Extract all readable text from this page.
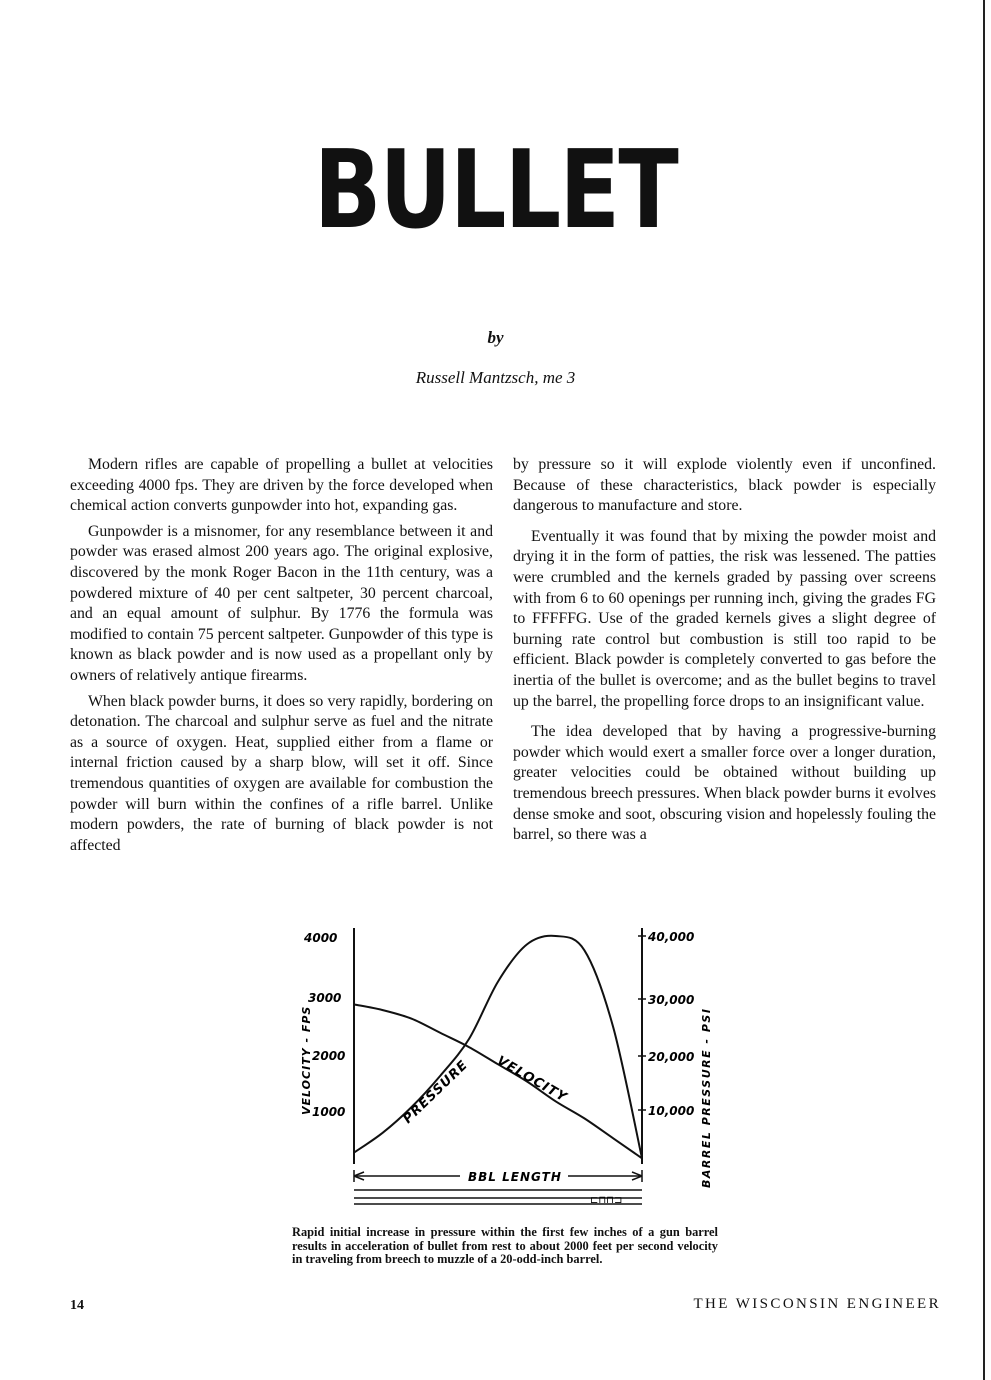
BULLET
by
Russell Mantzsch, me 3

Modern rifles are capable of propelling a bullet at velocities exceeding 4000 fps. They are driven by the force developed when chemical action converts gunpowder into hot, expanding gas.

Gunpowder is a misnomer, for any resemblance between it and powder was erased almost 200 years ago. The original explosive, discovered by the monk Roger Bacon in the 11th century, was a powdered mixture of 40 per cent saltpeter, 30 percent charcoal, and an equal amount of sulphur. By 1776 the formula was modified to contain 75 percent saltpeter. Gunpowder of this type is known as black powder and is now used as a propellant only by owners of relatively antique firearms.

When black powder burns, it does so very rapidly, bordering on detonation. The charcoal and sulphur serve as fuel and the nitrate as a source of oxygen. Heat, supplied either from a flame or internal friction caused by a sharp blow, will set it off. Since tremendous quantities of oxygen are available for combustion the powder will burn within the confines of a rifle barrel. Unlike modern powders, the rate of burning of black powder is not affected

by pressure so it will explode violently even if unconfined. Because of these characteristics, black powder is especially dangerous to manufacture and store.

Eventually it was found that by mixing the powder moist and drying it in the form of patties, the risk was lessened. The patties were crumbled and the kernels graded by passing over screens with from 6 to 60 openings per running inch, giving the grades FG to FFFFFG. Use of the graded kernels gives a slight degree of burning rate control but combustion is still too rapid to be efficient. Black powder is completely converted to gas before the inertia of the bullet is overcome; and as the bullet begins to travel up the barrel, the propelling force drops to an insignificant value.

The idea developed that by having a progressive-burning powder which would exert a smaller force over a longer duration, greater velocities could be obtained without building up tremendous breech pressures. When black powder burns it evolves dense smoke and soot, obscuring vision and hopelessly fouling the barrel, so there was a

4000
3000
2000
1000
40,000
30,000
20,000
10,000
VELOCITY - FPS	BARREL PRESSURE - PSI
PRESSURE VELOCITY
BBL LENGTH
⊏⊓⊓⊐
Rapid initial increase in pressure within the first few inches of a gun barrel results in acceleration of bullet from rest to about 2000 feet per second velocity in traveling from breech to muzzle of a 20-odd-inch barrel.
14	THE WISCONSIN ENGINEER
